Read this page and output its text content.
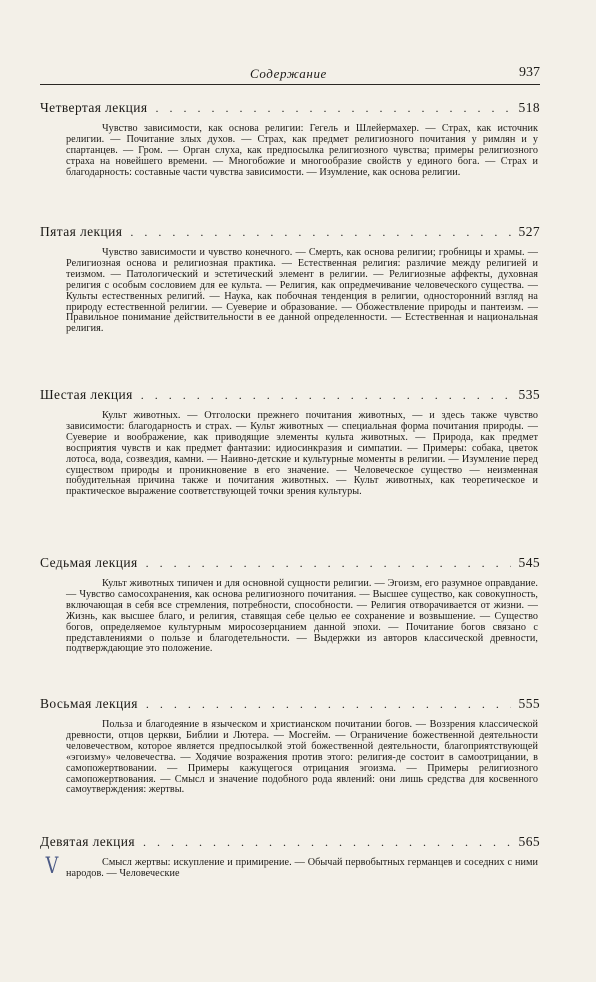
Содержание	937
Четвертая лекция . . .	518
Чувство зависимости, как основа религии: Гегель и Шлейермахер. — Страх, как источник религии. — Почитание злых духов. — Страх, как предмет религиозного почитания у римлян и у спартанцев. — Гром. — Орган слуха, как предпосылка религиозного чувства; примеры религиозного страха на новейшего времени. — Многобожие и многообразие свойств у единого бога. — Страх и благодарность: составные части чувства зависимости. — Изумление, как основа религии.
Пятая лекция . . .	527
Чувство зависимости и чувство конечного. — Смерть, как основа религии; гробницы и храмы. — Религиозная основа и религиозная практика. — Естественная религия: различие между религией и теизмом. — Патологический и эстетический элемент в религии. — Религиозные аффекты, духовная религия с особым сословием для ее культа. — Религия, как опредмечивание человеческого существа. — Культы естественных религий. — Наука, как побочная тенденция в религии, односторонний взгляд на природу естественной религии. — Суеверие и образование. — Обожествление природы и пантеизм. — Правильное понимание действительности в ее данной определенности. — Естественная и национальная религия.
Шестая лекция . . .	535
Культ животных. — Отголоски прежнего почитания животных, — и здесь также чувство зависимости: благодарность и страх. — Культ животных — специальная форма почитания природы. — Суеверие и воображение, как приводящие элементы культа животных. — Природа, как предмет восприятия чувств и как предмет фантазии: идиосинкразия и симпатии. — Примеры: собака, цветок лотоса, вода, созвездия, камни. — Наивно-детские и культурные моменты в религии. — Изумление перед существом природы и проникновение в его значение. — Человеческое существо — неизменная побудительная причина также и почитания животных. — Культ животных, как теоретическое и практическое выражение соответствующей точки зрения культуры.
Седьмая лекция . . .	545
Культ животных типичен и для основной сущности религии. — Эгоизм, его разумное оправдание. — Чувство самосохранения, как основа религиозного почитания. — Высшее существо, как совокупность, включающая в себя все стремления, потребности, способности. — Религия отворачивается от жизни. — Жизнь, как высшее благо, и религия, ставящая себе целью ее сохранение и возвышение. — Существо богов, определяемое культурным миросозерцанием данной эпохи. — Почитание богов связано с представлениями о пользе и благодетельности. — Выдержки из авторов классической древности, подтверждающие это положение.
Восьмая лекция . . .	555
Польза и благодеяние в языческом и христианском почитании богов. — Воззрения классической древности, отцов церкви, Библии и Лютера. — Мосгейм. — Ограничение божественной деятельности человечеством, которое является предпосылкой этой божественной деятельности, благоприятствующей «эгоизму» человечества. — Ходячие возражения против этого: религия-де состоит в самоотрицании, в самопожертвовании. — Примеры кажущегося отрицания эгоизма. — Примеры религиозного самопожертвования. — Смысл и значение подобного рода явлений: они лишь средства для косвенного самоутверждения: жертвы.
Девятая лекция . . .	565
Смысл жертвы: искупление и примирение. — Обычай первобытных германцев и соседних с ними народов. — Человеческие
V
